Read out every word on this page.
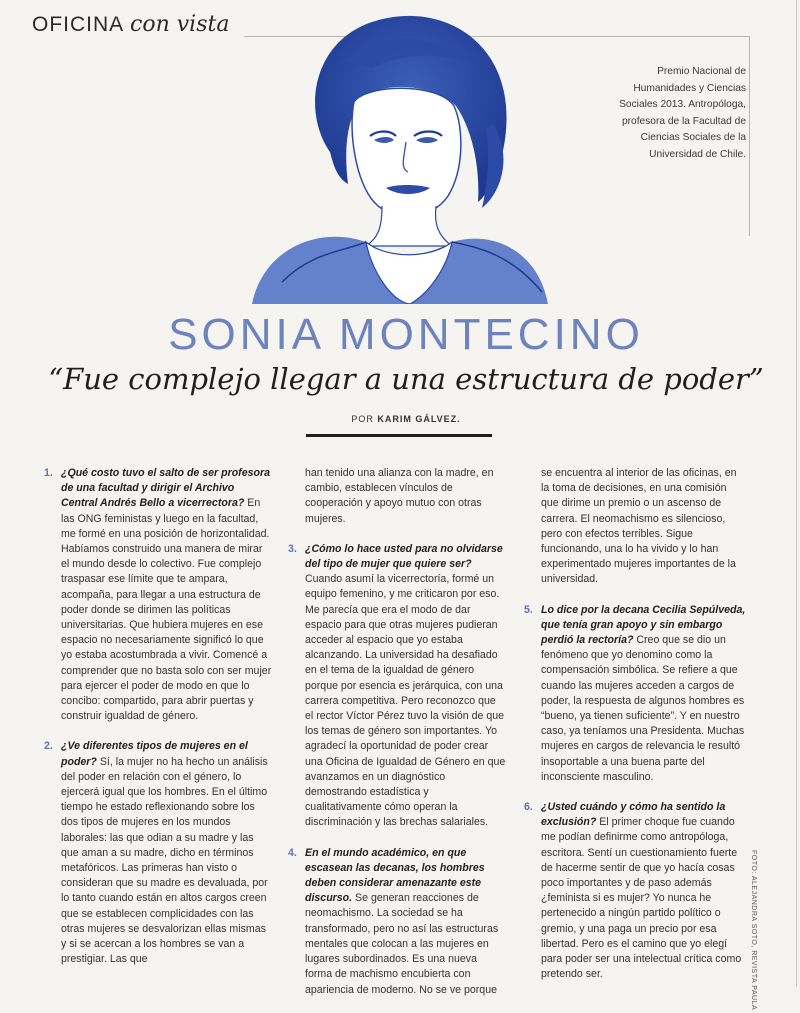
OFICINA con vista
Premio Nacional de Humanidades y Ciencias Sociales 2013. Antropóloga, profesora de la Facultad de Ciencias Sociales de la Universidad de Chile.
SONIA MONTECINO
“Fue complejo llegar a una estructura de poder”
POR KARIM GÁLVEZ.
1. ¿Qué costo tuvo el salto de ser profesora de una facultad y dirigir el Archivo Central Andrés Bello a vicerrectora? En las ONG feministas y luego en la facultad, me formé en una posición de horizontalidad. Habíamos construido una manera de mirar el mundo desde lo colectivo. Fue complejo traspasar ese límite que te ampara, acompaña, para llegar a una estructura de poder donde se dirimen las políticas universitarias. Que hubiera mujeres en ese espacio no necesariamente significó lo que yo estaba acostumbrada a vivir. Comencé a comprender que no basta solo con ser mujer para ejercer el poder de modo en que lo concibo: compartido, para abrir puertas y construir igualdad de género.
2. ¿Ve diferentes tipos de mujeres en el poder? Sí, la mujer no ha hecho un análisis del poder en relación con el género, lo ejercerá igual que los hombres. En el último tiempo he estado reflexionando sobre los dos tipos de mujeres en los mundos laborales: las que odian a su madre y las que aman a su madre, dicho en términos metafóricos. Las primeras han visto o consideran que su madre es devaluada, por lo tanto cuando están en altos cargos creen que se establecen complicidades con las otras mujeres se desvalorizan ellas mismas y si se acercan a los hombres se van a prestigiar. Las que
han tenido una alianza con la madre, en cambio, establecen vínculos de cooperación y apoyo mutuo con otras mujeres.
3. ¿Cómo lo hace usted para no olvidarse del tipo de mujer que quiere ser? Cuando asumí la vicerrectoría, formé un equipo femenino, y me criticaron por eso. Me parecía que era el modo de dar espacio para que otras mujeres pudieran acceder al espacio que yo estaba alcanzando. La universidad ha desafiado en el tema de la igualdad de género porque por esencia es jerárquica, con una carrera competitiva. Pero reconozco que el rector Víctor Pérez tuvo la visión de que los temas de género son importantes. Yo agradecí la oportunidad de poder crear una Oficina de Igualdad de Género en que avanzamos en un diagnóstico demostrando estadística y cualitativamente cómo operan la discriminación y las brechas salariales.
4. En el mundo académico, en que escasean las decanas, los hombres deben considerar amenazante este discurso. Se generan reacciones de neomachismo. La sociedad se ha transformado, pero no así las estructuras mentales que colocan a las mujeres en lugares subordinados. Es una nueva forma de machismo encubierta con apariencia de moderno. No se ve porque
se encuentra al interior de las oficinas, en la toma de decisiones, en una comisión que dirime un premio o un ascenso de carrera. El neomachismo es silencioso, pero con efectos terribles. Sigue funcionando, una lo ha vivido y lo han experimentado mujeres importantes de la universidad.
5. Lo dice por la decana Cecilia Sepúlveda, que tenía gran apoyo y sin embargo perdió la rectoría? Creo que se dio un fenómeno que yo denomino como la compensación simbólica. Se refiere a que cuando las mujeres acceden a cargos de poder, la respuesta de algunos hombres es “bueno, ya tienen suficiente”. Y en nuestro caso, ya teníamos una Presidenta. Muchas mujeres en cargos de relevancia le resultó insoportable a una buena parte del inconsciente masculino.
6. ¿Usted cuándo y cómo ha sentido la exclusión? El primer choque fue cuando me podían definirme como antropóloga, escritora. Sentí un cuestionamiento fuerte de hacerme sentir de que yo hacía cosas poco importantes y de paso además ¿feminista si es mujer? Yo nunca he pertenecido a ningún partido político o gremio, y una paga un precio por esa libertad. Pero es el camino que yo elegí para poder ser una intelectual crítica como pretendo ser.	FOTO: ALEJANDRA SOTO, REVISTA PAULA
